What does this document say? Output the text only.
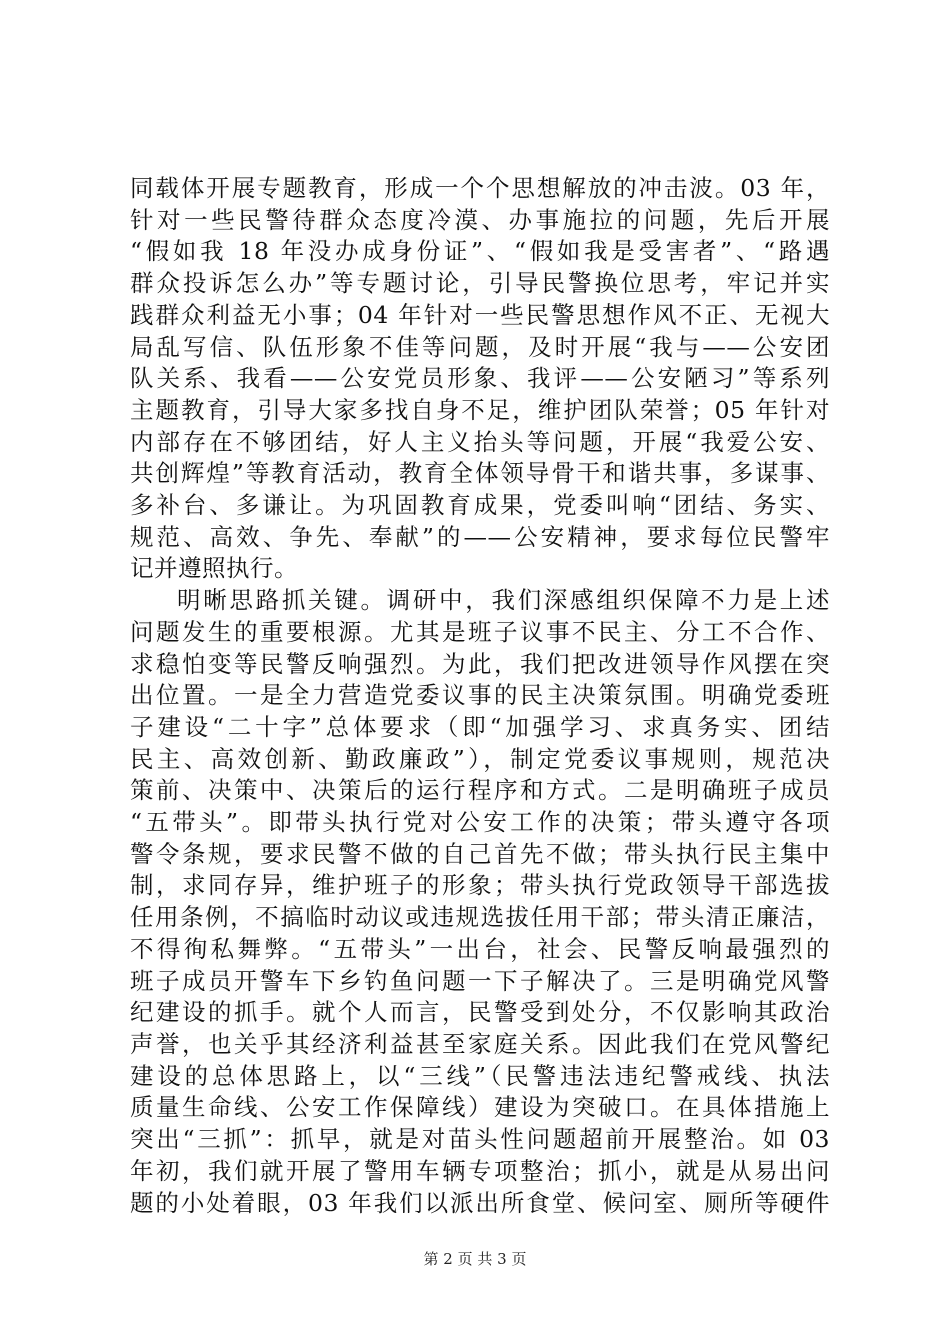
同载体开展专题教育，形成一个个思想解放的冲击波。03 年，
针对一些民警待群众态度冷漠、办事施拉的问题，先后开展
“假如我 18 年没办成身份证”、“假如我是受害者”、“路遇
群众投诉怎么办”等专题讨论，引导民警换位思考，牢记并实
践群众利益无小事；04 年针对一些民警思想作风不正、无视大
局乱写信、队伍形象不佳等问题，及时开展“我与——公安团
队关系、我看——公安党员形象、我评——公安陋习”等系列
主题教育，引导大家多找自身不足，维护团队荣誉；05 年针对
内部存在不够团结，好人主义抬头等问题，开展“我爱公安、
共创辉煌”等教育活动，教育全体领导骨干和谐共事，多谋事、
多补台、多谦让。为巩固教育成果，党委叫响“团结、务实、
规范、高效、争先、奉献”的——公安精神，要求每位民警牢
记并遵照执行。
明晰思路抓关键。调研中，我们深感组织保障不力是上述
问题发生的重要根源。尤其是班子议事不民主、分工不合作、
求稳怕变等民警反响强烈。为此，我们把改进领导作风摆在突
出位置。一是全力营造党委议事的民主决策氛围。明确党委班
子建设“二十字”总体要求（即“加强学习、求真务实、团结
民主、高效创新、勤政廉政”），制定党委议事规则，规范决
策前、决策中、决策后的运行程序和方式。二是明确班子成员
“五带头”。即带头执行党对公安工作的决策；带头遵守各项
警令条规，要求民警不做的自己首先不做；带头执行民主集中
制，求同存异，维护班子的形象；带头执行党政领导干部选拔
任用条例，不搞临时动议或违规选拔任用干部；带头清正廉洁，
不得徇私舞弊。“五带头”一出台，社会、民警反响最强烈的
班子成员开警车下乡钓鱼问题一下子解决了。三是明确党风警
纪建设的抓手。就个人而言，民警受到处分，不仅影响其政治
声誉，也关乎其经济利益甚至家庭关系。因此我们在党风警纪
建设的总体思路上，以“三线”（民警违法违纪警戒线、执法
质量生命线、公安工作保障线）建设为突破口。在具体措施上
突出“三抓”：抓早，就是对苗头性问题超前开展整治。如 03
年初，我们就开展了警用车辆专项整治；抓小，就是从易出问
题的小处着眼，03 年我们以派出所食堂、候问室、厕所等硬件
第 2 页 共 3 页
